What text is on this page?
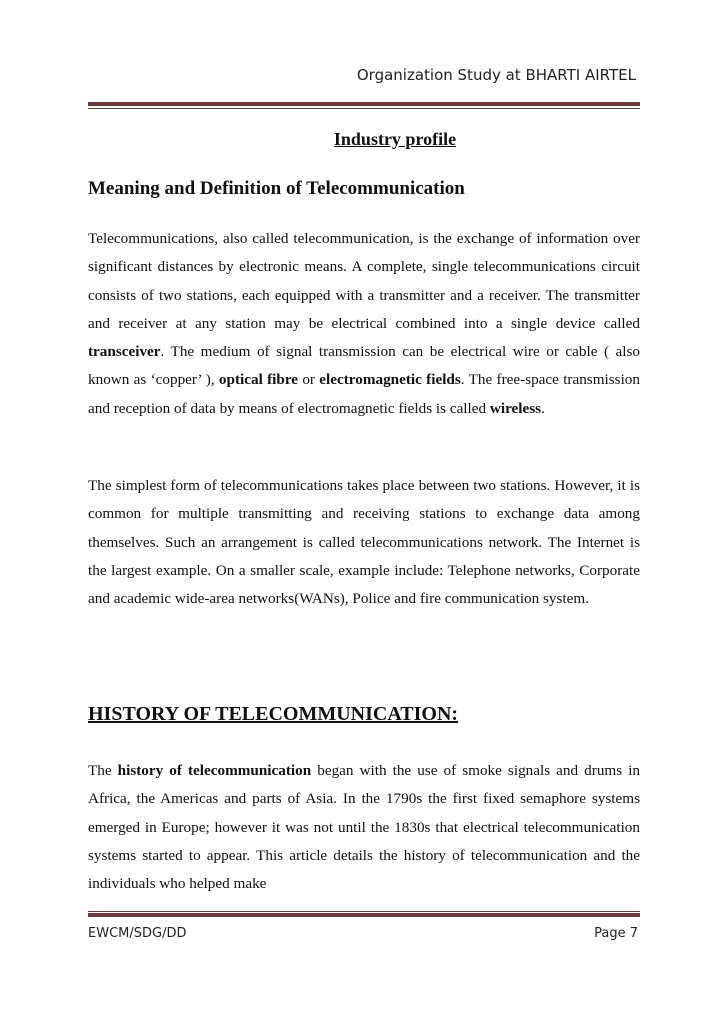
Organization Study at BHARTI AIRTEL
Industry profile
Meaning and Definition of Telecommunication

Telecommunications, also called telecommunication, is the exchange of information over significant distances by electronic means. A complete, single telecommunications circuit consists of two stations, each equipped with a transmitter and a receiver. The transmitter and receiver at any station may be electrical combined into a single device called transceiver. The medium of signal transmission can be electrical wire or cable ( also known as ‘copper’ ), optical fibre or electromagnetic fields. The free-space transmission and reception of data by means of electromagnetic fields is called wireless.

The simplest form of telecommunications takes place between two stations. However, it is common for multiple transmitting and receiving stations to exchange data among themselves. Such an arrangement is called telecommunications network. The Internet is the largest example. On a smaller scale, example include: Telephone networks, Corporate and academic wide-area networks(WANs), Police and fire communication system.

HISTORY OF TELECOMMUNICATION:

The history of telecommunication began with the use of smoke signals and drums in Africa, the Americas and parts of Asia. In the 1790s the first fixed semaphore systems emerged in Europe; however it was not until the 1830s that electrical telecommunication systems started to appear. This article details the history of telecommunication and the individuals who helped make

EWCM/SDG/DD	Page 7
